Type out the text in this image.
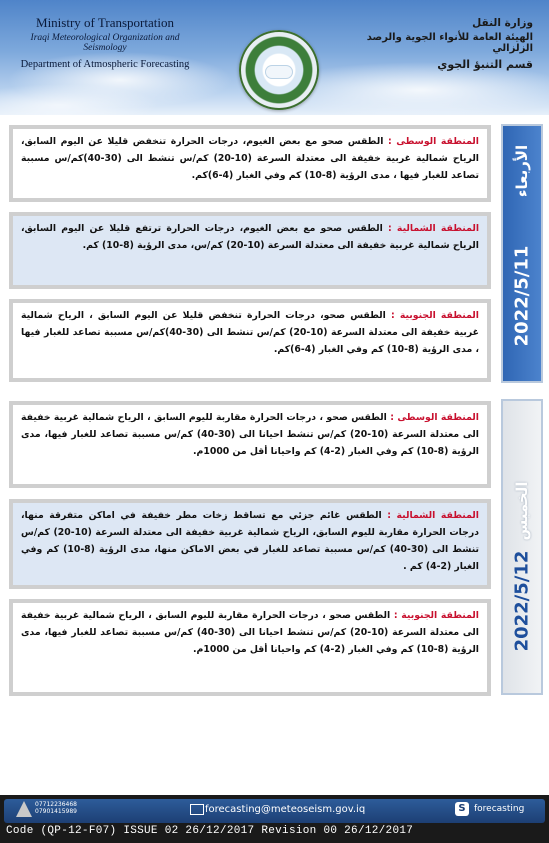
Ministry of Transportation
Iraqi Meteorological Organization and Seismology
Department of Atmospheric Forecasting
وزارة النقل
الهيئة العامة للأنواء الجوية والرصد الزلزالي
قسم التنبؤ الجوي

المنطقة الوسطى : الطقس صحو مع بعض الغيوم، درجات الحرارة تنخفض قليلا عن اليوم السابق، الرياح شمالية غربية خفيفة الى معتدلة السرعة (10-20) كم/س تنشط الى (30-40)كم/س مسببة تصاعد للغبار فيها ، مدى الرؤية (8-10) كم وفي الغبار (4-6)كم.

المنطقة الشمالية : الطقس صحو مع بعض الغيوم، درجات الحرارة ترتفع قليلا عن اليوم السابق، الرياح شمالية غربية خفيفة الى معتدلة السرعة (10-20) كم/س، مدى الرؤية (8-10) كم.

المنطقة الجنوبية : الطقس صحو، درجات الحرارة تنخفض قليلا عن اليوم السابق ، الرياح شمالية غربية خفيفة الى معتدلة السرعة (10-20) كم/س تنشط الى (30-40)كم/س مسببة تصاعد للغبار فيها ، مدى الرؤية (8-10) كم وفي الغبار (4-6)كم.

الأربعاء
2022/5/11

المنطقة الوسطى : الطقس صحو ، درجات الحرارة مقاربة لليوم السابق ، الرياح شمالية غربية خفيفة الى معتدلة السرعة (10-20) كم/س تنشط احيانا الى (30-40) كم/س مسببة تصاعد للغبار فيها، مدى الرؤية (8-10) كم وفي الغبار (2-4) كم واحيانا أقل من 1000م.

المنطقة الشمالية : الطقس غائم جزئي مع تساقط زخات مطر خفيفة في اماكن متفرقة منها، درجات الحرارة مقاربة لليوم السابق، الرياح شمالية غربية خفيفة الى معتدلة السرعة (10-20) كم/س تنشط الى (30-40) كم/س مسببة تصاعد للغبار في بعض الاماكن منها، مدى الرؤية (8-10) كم وفي الغبار (2-4) كم .

المنطقة الجنوبية : الطقس صحو ، درجات الحرارة مقاربة لليوم السابق ، الرياح شمالية غربية خفيفة الى معتدلة السرعة (10-20) كم/س تنشط احيانا الى (30-40) كم/س مسببة تصاعد للغبار فيها، مدى الرؤية (8-10) كم وفي الغبار (2-4) كم واحيانا أقل من 1000م.

الخميس
2022/5/12
07712236468
07901415989	forecasting@meteoseism.gov.iq	S forecasting
Code (QP-12-F07) ISSUE 02 26/12/2017 Revision 00 26/12/2017
